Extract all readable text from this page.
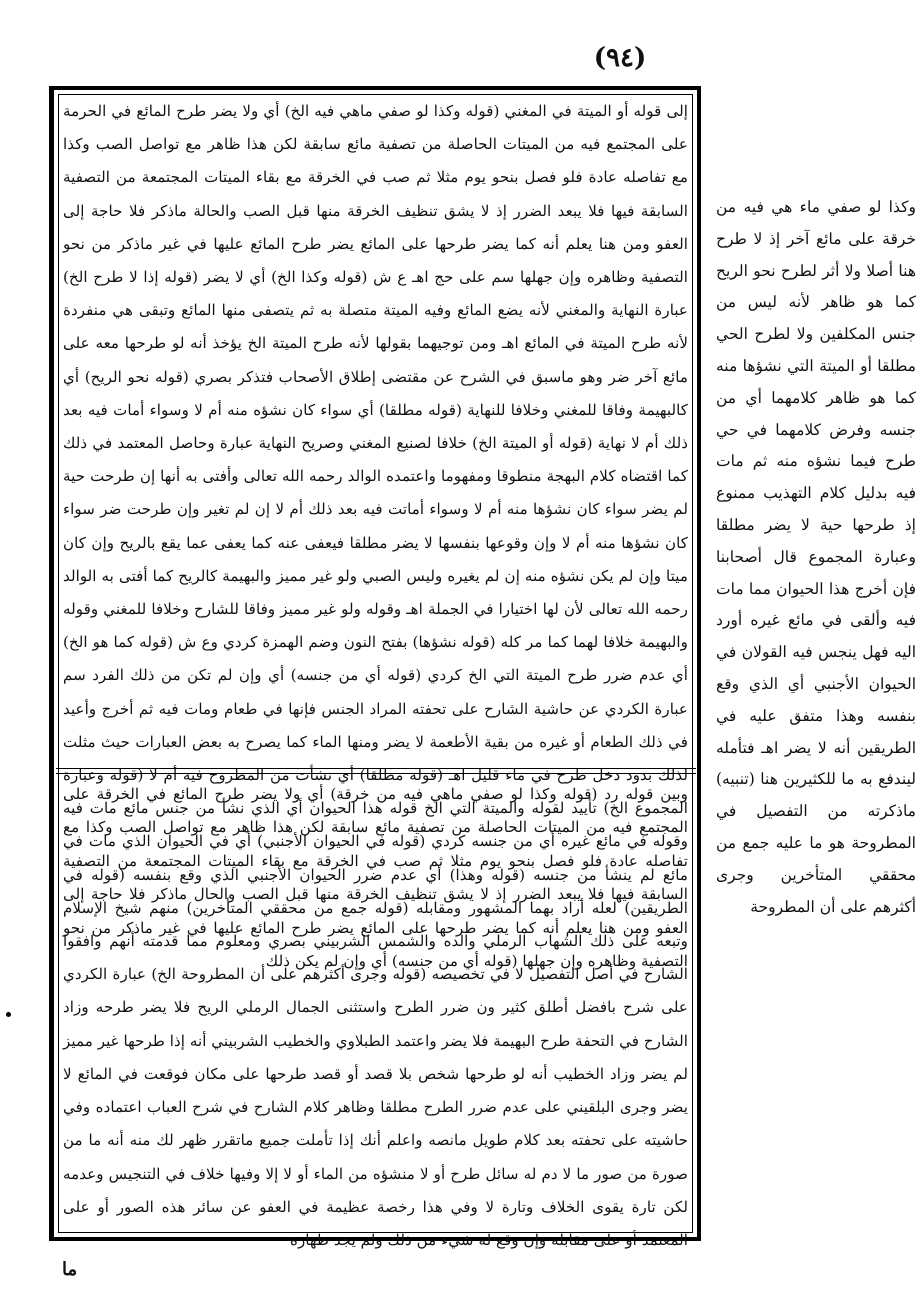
(٩٤)
إلى قوله أو الميتة في المغني (قوله وكذا لو صفي ماهي فيه الخ) أي ولا يضر طرح المائع في الحرمة على المجتمع فيه من الميتات الحاصلة من تصفية مائع سابقة لكن هذا ظاهر مع تواصل الصب وكذا مع تفاصله عادة فلو فصل بنحو يوم مثلا ثم صب في الخرقة مع بقاء الميتات المجتمعة من التصفية السابقة فيها فلا يبعد الضرر إذ لا يشق تنظيف الخرقة منها قبل الصب والحالة ماذكر فلا حاجة إلى العفو ومن هنا يعلم أنه كما يضر طرحها على المائع يضر طرح المائع عليها في غير ماذكر من نحو التصفية وظاهره وإن جهلها سم على حج اهـ ع ش (قوله وكذا الخ) أي لا يضر (قوله إذا لا طرح الخ) عبارة النهاية والمغني لأنه يضع المائع وفيه الميتة متصلة به ثم يتصفى منها المائع وتبقى هي منفردة لأنه طرح الميتة في المائع اهـ ومن توجيهما بقولها لأنه طرح الميتة الخ يؤخذ أنه لو طرحها معه على مائع آخر ضر وهو ماسبق في الشرح عن مقتضى إطلاق الأصحاب فتذكر بصري (قوله نحو الريح) أي كالبهيمة وفاقا للمغني وخلافا للنهاية (قوله مطلقا) أي سواء كان نشؤه منه أم لا وسواء أمات فيه بعد ذلك أم لا نهاية (قوله أو الميتة الخ) خلافا لصنيع المغني وصريح النهاية عبارة وحاصل المعتمد في ذلك كما اقتضاه كلام البهجة منطوقا ومفهوما واعتمده الوالد رحمه الله تعالى وأفتى به أنها إن طرحت حية لم يضر سواء كان نشؤها منه أم لا وسواء أماتت فيه بعد ذلك أم لا إن لم تغير وإن طرحت ضر سواء كان نشؤها منه أم لا وإن وقوعها بنفسها لا يضر مطلقا فيعفى عنه كما يعفى عما يقع بالريح وإن كان ميتا وإن لم يكن نشؤه منه إن لم يغيره وليس الصبي ولو غير مميز والبهيمة كالريح كما أفتى به الوالد رحمه الله تعالى لأن لها اختيارا في الجملة اهـ وقوله ولو غير مميز وفاقا للشارح وخلافا للمغني وقوله والبهيمة خلافا لهما كما مر كله (قوله نشؤها) بفتح النون وضم الهمزة كردي وع ش (قوله كما هو الخ) أي عدم ضرر طرح الميتة التي الخ كردي (قوله أي من جنسه) أي وإن لم تكن من ذلك الفرد سم عبارة الكردي عن حاشية الشارح على تحفته المراد الجنس فإنها في طعام ومات فيه ثم أخرج وأعيد في ذلك الطعام أو غيره من بقية الأطعمة لا يضر ومنها الماء كما يصرح به بعض العبارات حيث مثلت لذلك بدود دخل طرح في ماء قليل اهـ (قوله مطلقا) أي نشأت من المطروح فيه أم لا (قوله وعبارة المجموع الخ) تأييد لقوله والميتة التي الخ قوله هذا الحيوان أي الذي نشأ من جنس مائع مات فيه وقوله في مائع غيره أي من جنسه كردي (قوله في الحيوان الأجنبي) أي في الحيوان الذي مات في مائع لم ينشأ من جنسه (قوله وهذا) أي عدم ضرر الحيوان الأجنبي الذي وقع بنفسه (قوله في الطريقين) لعله أراد بهما المشهور ومقابله (قوله جمع من محققي المتأخرين) منهم شيخ الإسلام وتبعه على ذلك الشهاب الرملي والده والشمس الشربيني بصري ومعلوم مما قدمته أنهم وافقوا الشارح في أصل التفصيل لا في تخصيصه (قوله وجرى أكثرهم على أن المطروحة الخ) عبارة الكردي على شرح بافضل أطلق كثير ون ضرر الطرح واستثنى الجمال الرملي الريح فلا يضر طرحه وزاد الشارح في التحفة طرح البهيمة فلا يضر واعتمد الطبلاوي والخطيب الشربيني أنه إذا طرحها غير مميز لم يضر وزاد الخطيب أنه لو طرحها شخص بلا قصد أو قصد طرحها على مكان فوقعت في المائع لا يضر وجرى البلقيني على عدم ضرر الطرح مطلقا وظاهر كلام الشارح في شرح العباب اعتماده وفي حاشيته على تحفته بعد كلام طويل مانصه واعلم أنك إذا تأملت جميع ماتقرر ظهر لك منه أنه ما من صورة من صور ما لا دم له سائل طرح أو لا منشؤه من الماء أو لا إلا وفيها خلاف في التنجيس وعدمه لكن تارة يقوى الخلاف وتارة لا وفي هذا رخصة عظيمة في العفو عن سائر هذه الصور أو على المعتمد أو على مقابله وإن وقع له شيء من ذلك ولم يجد طهارة
وبين قوله رد (قوله وكذا لو صفي ماهي فيه من خرقة) أي ولا يضر طرح المائع في الخرقة على المجتمع فيه من الميتات الحاصلة من تصفية مائع سابقة لكن هذا ظاهر مع تواصل الصب وكذا مع تفاصله عادة فلو فصل بنحو يوم مثلا ثم صب في الخرقة مع بقاء الميتات المجتمعة من التصفية السابقة فيها فلا يبعد الضرر إذ لا يشق تنظيف الخرقة منها قبل الصب والحال ماذكر فلا حاجة إلى العفو ومن هنا يعلم أنه كما يضر طرحها على المائع يضر طرح المائع عليها في غير ماذكر من نحو التصفية وظاهره وإن جهلها (قوله أي من جنسه) أي وإن لم يكن ذلك
وكذا لو صفي ماء هي فيه من خرقة على مائع آخر إذ لا طرح هنا أصلا ولا أثر لطرح نحو الريح كما هو ظاهر لأنه ليس من جنس المكلفين ولا لطرح الحي مطلقا أو الميتة التي نشؤها منه كما هو ظاهر كلامهما أي من جنسه وفرض كلامهما في حي طرح فيما نشؤه منه ثم مات فيه بدليل كلام التهذيب ممنوع إذ طرحها حية لا يضر مطلقا وعبارة المجموع قال أصحابنا فإن أخرج هذا الحيوان مما مات فيه وألقى في مائع غيره أورد اليه فهل ينجس فيه القولان في الحيوان الأجنبي أي الذي وقع بنفسه وهذا متفق عليه في الطريقين أنه لا يضر اهـ فتأمله ليندفع به ما للكثيرين هنا (تنبيه) ماذكرته من التفصيل في المطروحة هو ما عليه جمع من محققي المتأخرين وجرى أكثرهم على أن المطروحة
ما
